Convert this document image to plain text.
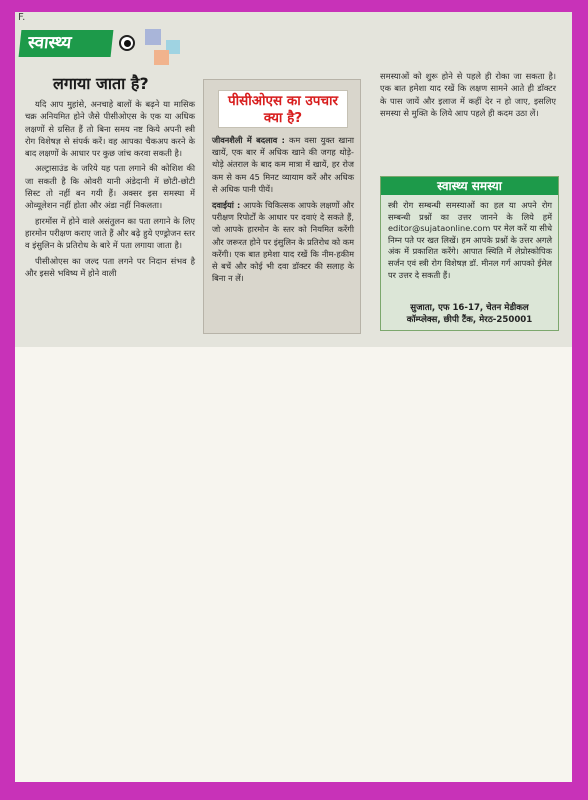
F.
स्वास्थ्य
लगाया जाता है?

यदि आप मुहांसे, अनचाहे बालों के बढ़ने या मासिक चक्र अनियमित होने जैसे पीसीओएस के एक या अधिक लक्षणों से ग्रसित हैं तो बिना समय नष्ट किये अपनी स्त्री रोग विशेषज्ञ से संपर्क करें। वह आपका चैकअप करने के बाद लक्षणों के आधार पर कुछ जांच करवा सकती है।

अल्ट्रासाउंड के जरिये यह पता लगाने की कोशिश की जा सकती है कि ओवरी यानी अंडेदानी में छोटी-छोटी सिस्ट तो नहीं बन गयी हैं। अक्सर इस समस्या में ओव्यूलेशन नहीं होता और अंडा नहीं निकलता।

हारमोंस में होने वाले असंतुलन का पता लगाने के लिए हारमोन परीक्षण कराए जाते हैं और बढ़े हुये एण्ड्रोजन स्तर व इंसुलिन के प्रतिरोध के बारे में पता लगाया जाता है।

पीसीओएस का जल्द पता लगने पर निदान संभव है और इससे भविष्य में होने वाली

पीसीओएस का उपचार क्या है?

जीवनशैली में बदलाव : कम वसा युक्त खाना खायें, एक बार में अधिक खाने की जगह थोड़े-थोड़े अंतराल के बाद कम मात्रा में खायें, हर रोज कम से कम 45 मिनट व्यायाम करें और अधिक से अधिक पानी पीयें।

दवाईयां : आपके चिकित्सक आपके लक्षणों और परीक्षण रिपोर्टों के आधार पर दवाएं दे सकते हैं, जो आपके हारमोन के स्तर को नियमित करेंगी और जरूरत होने पर इंसुलिन के प्रतिरोध को कम करेंगी। एक बात हमेशा याद रखें कि नीम-हकीम से बचें और कोई भी दवा डॉक्टर की सलाह के बिना न लें।

समस्याओं को शुरू होने से पहले ही रोका जा सकता है। एक बात हमेशा याद रखें कि लक्षण सामने आते ही डॉक्टर के पास जायें और इलाज में कहीं देर न हो जाए, इसलिए समस्या से मुक्ति के लिये आप पहले ही कदम उठा लें।

स्वास्थ्य समस्या
स्त्री रोग सम्बन्धी समस्याओं का हल या अपने रोग सम्बन्धी प्रश्नों का उत्तर जानने के लिये हमें editor@sujataonline.com पर मेल करें या सीधे निम्न पते पर खत लिखें। हम आपके प्रश्नों के उत्तर अगले अंक में प्रकाशित करेंगे। आपात स्थिति में लेप्रोस्कोपिक सर्जन एवं स्त्री रोग विशेषज्ञ डॉ. मीनल गर्ग आपको ईमेल पर उत्तर दे सकती हैं।
सुजाता, एफ 16-17, चेतन मेडीकल
कॉम्प्लेक्स, छीपी टैंक, मेरठ-250001
